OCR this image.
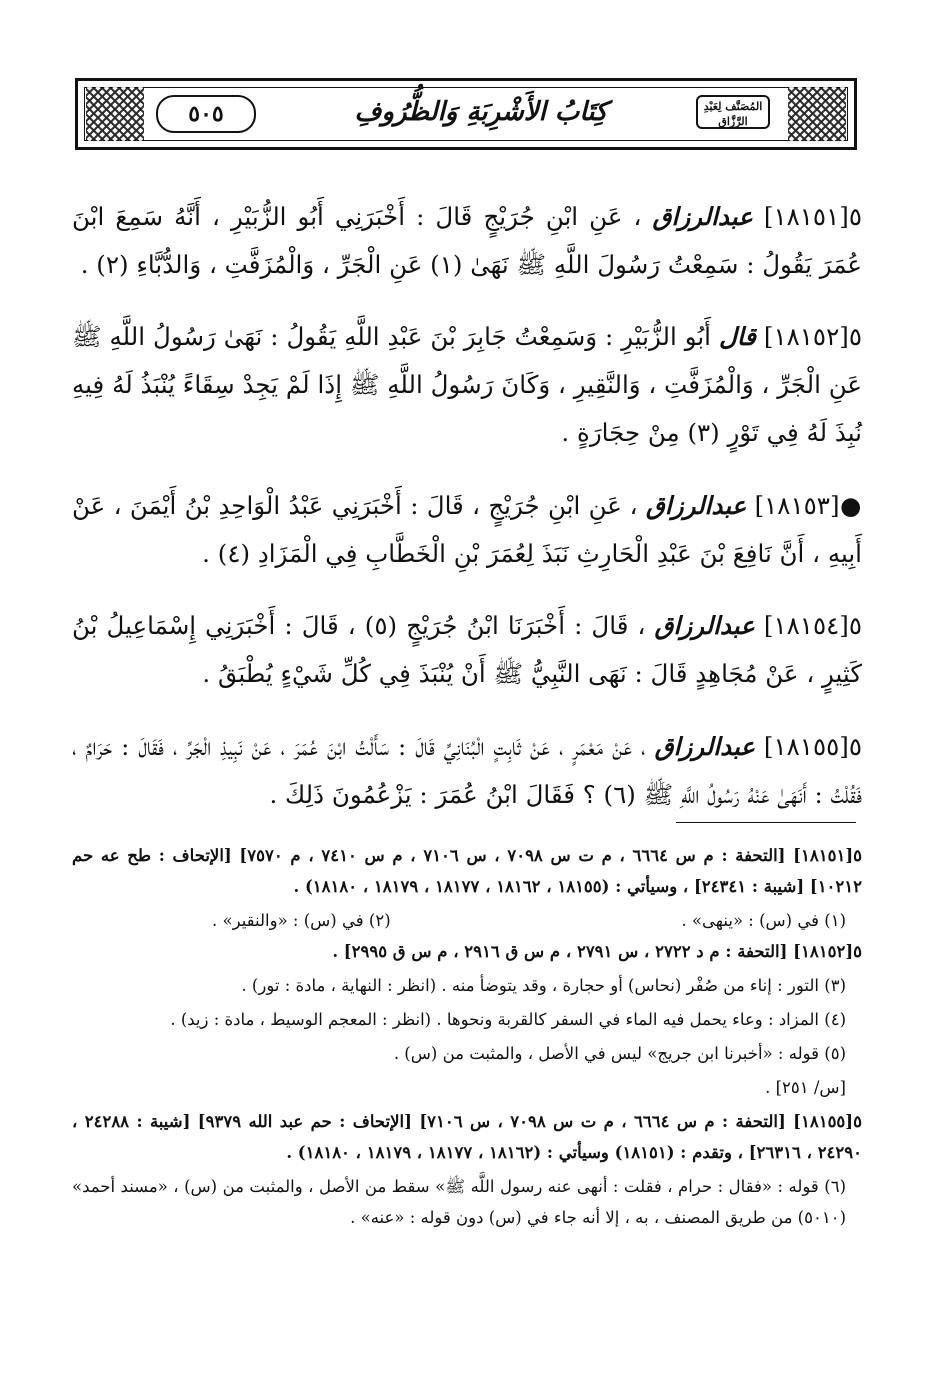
٥٠٥	كِتَابُ الأَشْرِبَةِ وَالظُّرُوفِ	المُصَنَّف لِعَبْدِ الرَّزَّاق

٥[١٨١٥١] عبدالرزاق ، عَنِ ابْنِ جُرَيْجٍ قَالَ : أَخْبَرَنِي أَبُو الزُّبَيْرِ ، أَنَّهُ سَمِعَ ابْنَ عُمَرَ يَقُولُ : سَمِعْتُ رَسُولَ اللَّهِ ﷺ نَهَىٰ (١) عَنِ الْجَرِّ ، وَالْمُزَفَّتِ ، وَالدُّبَّاءِ (٢) .

٥[١٨١٥٢] قال أَبُو الزُّبَيْرِ : وَسَمِعْتُ جَابِرَ بْنَ عَبْدِ اللَّهِ يَقُولُ : نَهَىٰ رَسُولُ اللَّهِ ﷺ عَنِ الْجَرِّ ، وَالْمُزَفَّتِ ، وَالنَّقِيرِ ، وَكَانَ رَسُولُ اللَّهِ ﷺ إِذَا لَمْ يَجِدْ سِقَاءً يُنْبَذُ لَهُ فِيهِ نُبِذَ لَهُ فِي تَوْرٍ (٣) مِنْ حِجَارَةٍ .

●[١٨١٥٣] عبدالرزاق ، عَنِ ابْنِ جُرَيْجٍ ، قَالَ : أَخْبَرَنِي عَبْدُ الْوَاحِدِ بْنُ أَيْمَنَ ، عَنْ أَبِيهِ ، أَنَّ نَافِعَ بْنَ عَبْدِ الْحَارِثِ نَبَذَ لِعُمَرَ بْنِ الْخَطَّابِ فِي الْمَزَادِ (٤) .

٥[١٨١٥٤] عبدالرزاق ، قَالَ : أَخْبَرَنَا ابْنُ جُرَيْجٍ (٥) ، قَالَ : أَخْبَرَنِي إِسْمَاعِيلُ بْنُ كَثِيرٍ ، عَنْ مُجَاهِدٍ قَالَ : نَهَى النَّبِيُّ ﷺ أَنْ يُنْبَذَ فِي كُلِّ شَيْءٍ يُطْبَقُ .

٥[١٨١٥٥] عبدالرزاق ، عَنْ مَعْمَرٍ ، عَنْ ثَابِتٍ الْبُنَانِيِّ قَالَ : سَأَلْتُ ابْنَ عُمَرَ ، عَنْ نَبِيذِ الْجَرِّ ، فَقَالَ : حَرَامٌ ، فَقُلْتُ : أَنَهَىٰ عَنْهُ رَسُولُ اللَّهِ ﷺ (٦) ؟ فَقَالَ ابْنُ عُمَرَ : يَزْعُمُونَ ذَلِكَ .

٥[١٨١٥١] [التحفة : م س ٦٦٦٤ ، م ت س ٧٠٩٨ ، س ٧١٠٦ ، م س ٧٤١٠ ، م ٧٥٧٠] [الإتحاف : طح عه حم ١٠٢١٢] [شيبة : ٢٤٣٤١] ، وسيأتي : (١٨١٥٥ ، ١٨١٦٢ ، ١٨١٧٧ ، ١٨١٧٩ ، ١٨١٨٠) .

(١) في (س) : «ينهى» .
(٢) في (س) : «والنقير» .

٥[١٨١٥٢] [التحفة : م د ٢٧٢٢ ، س ٢٧٩١ ، م س ق ٢٩١٦ ، م س ق ٢٩٩٥] .

(٣) التور : إناء من صُفْر (نحاس) أو حجارة ، وقد يتوضأ منه . (انظر : النهاية ، مادة : تور) .

(٤) المزاد : وعاء يحمل فيه الماء في السفر كالقربة ونحوها . (انظر : المعجم الوسيط ، مادة : زيد) .

(٥) قوله : «أخبرنا ابن جريج» ليس في الأصل ، والمثبت من (س) .

[س/ ٢٥١] .

٥[١٨١٥٥] [التحفة : م س ٦٦٦٤ ، م ت س ٧٠٩٨ ، س ٧١٠٦] [الإتحاف : حم عبد الله ٩٣٧٩] [شيبة : ٢٤٢٨٨ ، ٢٤٢٩٠ ، ٢٦٣١٦] ، وتقدم : (١٨١٥١) وسيأتي : (١٨١٦٢ ، ١٨١٧٧ ، ١٨١٧٩ ، ١٨١٨٠) .

(٦) قوله : «فقال : حرام ، فقلت : أنهى عنه رسول اللَّه ﷺ» سقط من الأصل ، والمثبت من (س) ، «مسند أحمد» (٥٠١٠) من طريق المصنف ، به ، إلا أنه جاء في (س) دون قوله : «عنه» .
